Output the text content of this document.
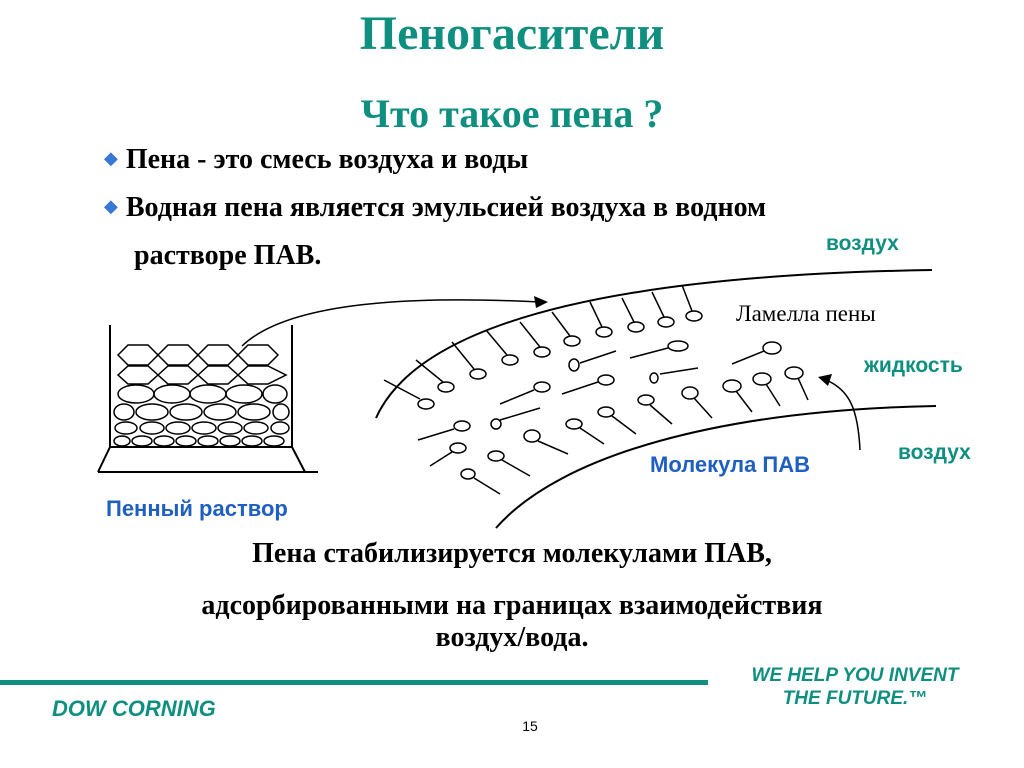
Пеногасители
Что такое пена ?
◆ Пена - это смесь воздуха и воды
◆ Водная пена является эмульсией воздуха в водном
растворе ПАВ.	воздух
Ламелла пены
жидкость
воздух
Молекула ПАВ
Пенный раствор
Пена стабилизируется молекулами ПАВ,
адсорбированными на границах взаимодействия
воздух/вода.
DOW CORNING
WE HELP YOU INVENT
THE FUTURE.™
15
